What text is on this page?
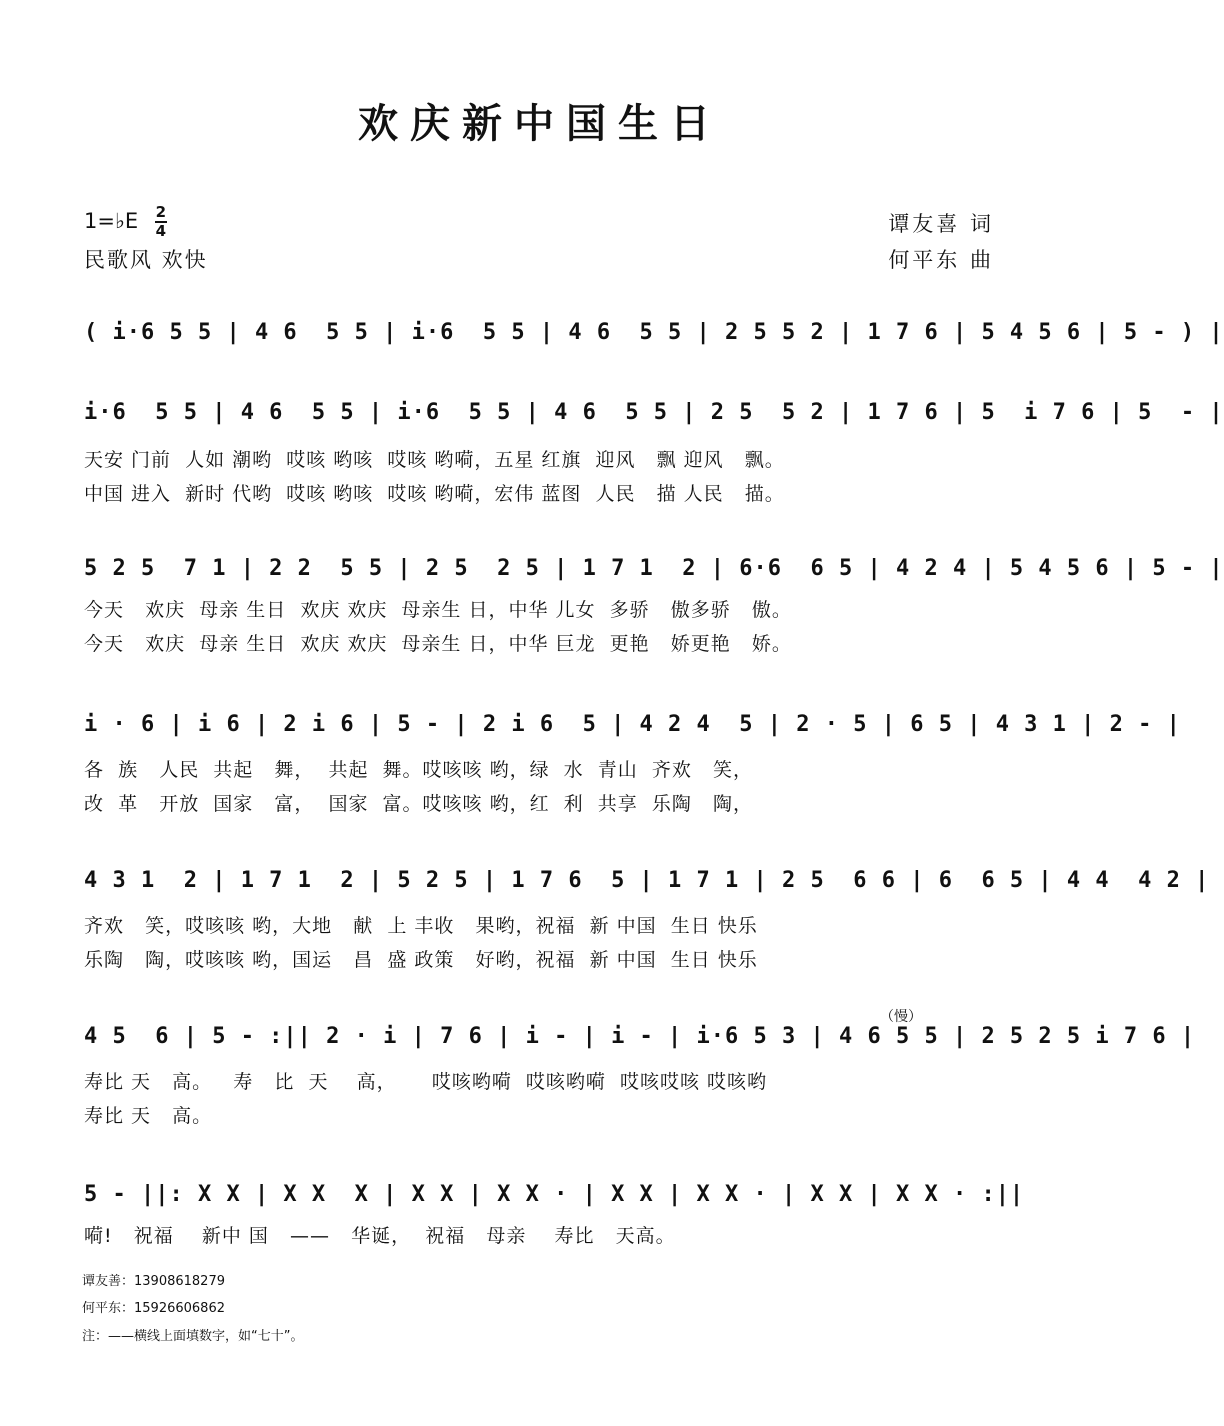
欢庆新中国生日
1=♭E $\frac{2}{4}$
民歌风 欢快
谭友喜 词
何平东 曲
( i·6 5 5 | 4 6  5 5 | i·6  5 5 | 4 6  5 5 | 2 5 5 2 | 1 7 6 | 5 4 5 6 | 5 - ) |
i·6  5 5 | 4 6  5 5 | i·6  5 5 | 4 6  5 5 | 2 5  5 2 | 1 7 6 | 5  i 7 6 | 5  - |
天安 门前  人如 潮哟  哎咳 哟咳  哎咳 哟嗬，五星 红旗  迎风   飘 迎风   飘。
中国 进入  新时 代哟  哎咳 哟咳  哎咳 哟嗬，宏伟 蓝图  人民   描 人民   描。
5 2 5  7 1 | 2 2  5 5 | 2 5  2 5 | 1 7 1  2 | 6·6  6 5 | 4 2 4 | 5 4 5 6 | 5 - |
今天   欢庆  母亲 生日  欢庆 欢庆  母亲生 日，中华 儿女  多骄   傲多骄   傲。
今天   欢庆  母亲 生日  欢庆 欢庆  母亲生 日，中华 巨龙  更艳   娇更艳   娇。
i · 6 | i 6 | 2 i 6 | 5 - | 2 i 6  5 | 4 2 4  5 | 2 · 5 | 6 5 | 4 3 1 | 2 - |
各  族   人民  共起   舞，  共起  舞。哎咳咳 哟，绿  水  青山  齐欢   笑，
改  革   开放  国家   富，  国家  富。哎咳咳 哟，红  利  共享  乐陶   陶，
4 3 1  2 | 1 7 1  2 | 5 2 5 | 1 7 6  5 | 1 7 1 | 2 5  6 6 | 6  6 5 | 4 4  4 2 |
齐欢   笑，哎咳咳 哟，大地   献  上 丰收   果哟，祝福  新 中国  生日 快乐
乐陶   陶，哎咳咳 哟，国运   昌  盛 政策   好哟，祝福  新 中国  生日 快乐
（慢）
4 5  6 | 5 - :|| 2 · i | 7 6 | i - | i - | i·6 5 3 | 4 6 5 5 | 2 5 2 5 i 7 6 |
寿比 天   高。   寿   比  天    高，     哎咳哟嗬  哎咳哟嗬  哎咳哎咳 哎咳哟
寿比 天   高。
5 - ||: X X | X X  X | X X | X X · | X X | X X · | X X | X X · :||
嗬!   祝福    新中 国   ——   华诞，  祝福   母亲    寿比   天高。
谭友善：13908618279
何平东：15926606862
注：——横线上面填数字，如“七十”。
